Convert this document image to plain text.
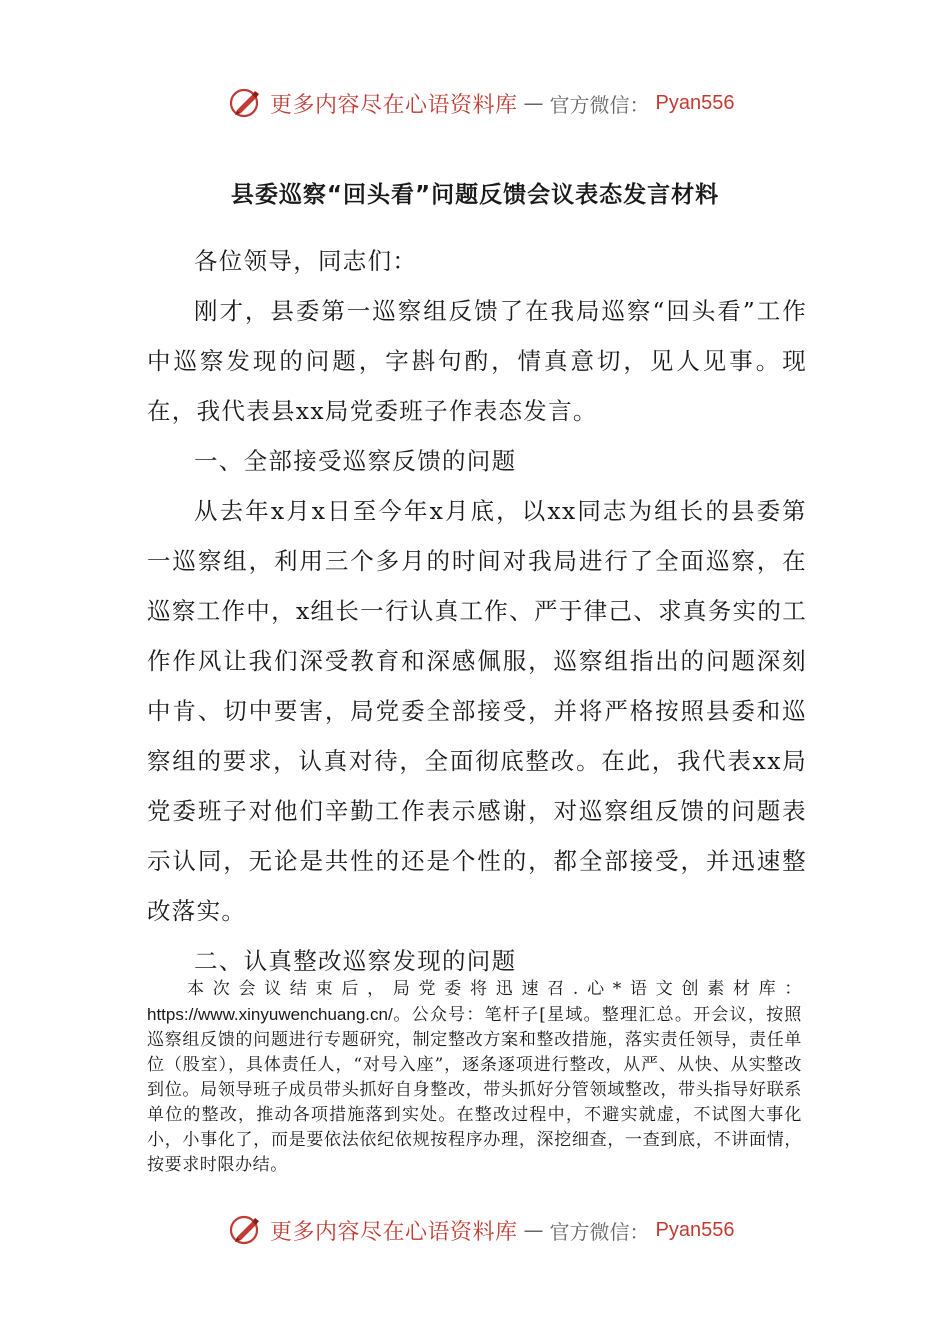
更多内容尽在心语资料库 — 官方微信： Pyan556
县委巡察“回头看”问题反馈会议表态发言材料

各位领导，同志们：

刚才，县委第一巡察组反馈了在我局巡察“回头看”工作中巡察发现的问题，字斟句酌，情真意切，见人见事。现在，我代表县xx局党委班子作表态发言。

一、全部接受巡察反馈的问题

从去年x月x日至今年x月底，以xx同志为组长的县委第一巡察组，利用三个多月的时间对我局进行了全面巡察，在巡察工作中，x组长一行认真工作、严于律己、求真务实的工作作风让我们深受教育和深感佩服，巡察组指出的问题深刻中肯、切中要害，局党委全部接受，并将严格按照县委和巡察组的要求，认真对待，全面彻底整改。在此，我代表xx局党委班子对他们辛勤工作表示感谢，对巡察组反馈的问题表示认同，无论是共性的还是个性的，都全部接受，并迅速整改落实。

二、认真整改巡察发现的问题

本次会议结束后，局党委将迅速召.心*语文创素材库：https://www.xinyuwenchuang.cn/。公众号：笔杆子[星域。整理汇总。开会议，按照巡察组反馈的问题进行专题研究，制定整改方案和整改措施，落实责任领导，责任单位（股室），具体责任人，“对号入座”，逐条逐项进行整改，从严、从快、从实整改到位。局领导班子成员带头抓好自身整改，带头抓好分管领域整改，带头指导好联系单位的整改，推动各项措施落到实处。在整改过程中，不避实就虚，不试图大事化小，小事化了，而是要依法依纪依规按程序办理，深挖细查，一查到底，不讲面情，按要求时限办结。

更多内容尽在心语资料库 — 官方微信： Pyan556
